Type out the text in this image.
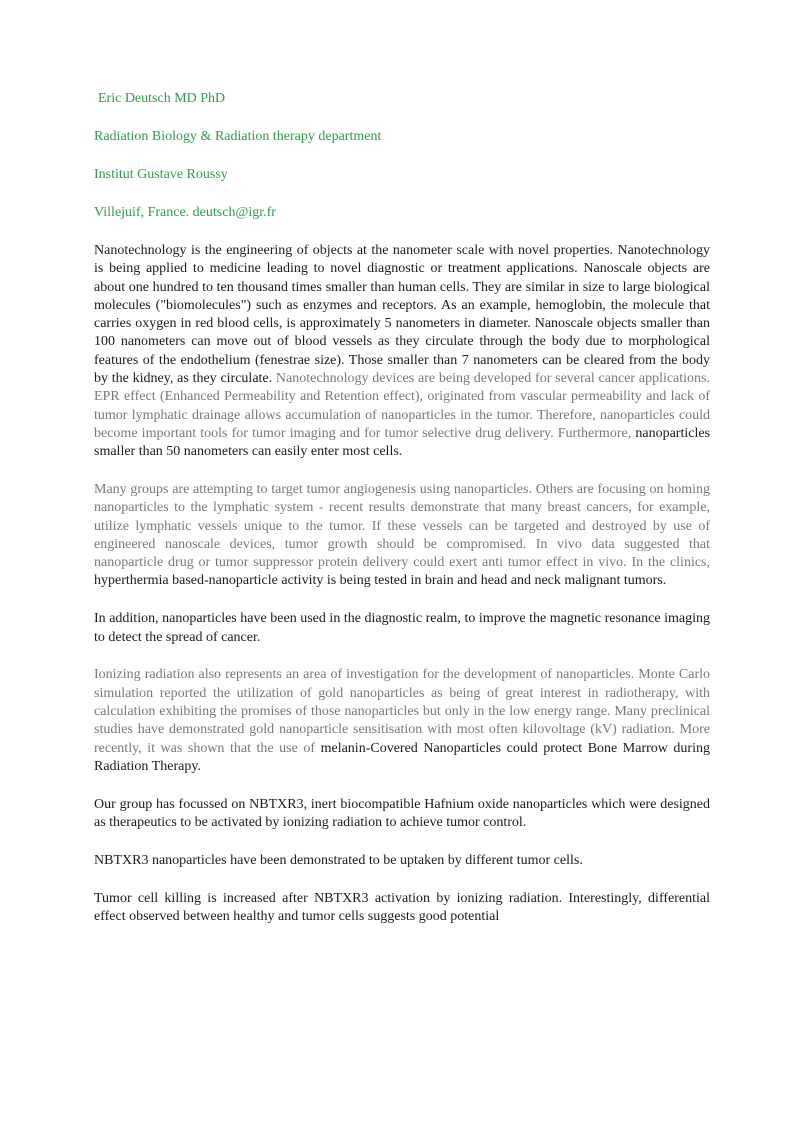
Eric Deutsch MD PhD

Radiation Biology & Radiation therapy department

Institut Gustave Roussy

Villejuif, France. deutsch@igr.fr

Nanotechnology is the engineering of objects at the nanometer scale with novel properties. Nanotechnology is being applied to medicine leading to novel diagnostic or treatment applications. Nanoscale objects are about one hundred to ten thousand times smaller than human cells. They are similar in size to large biological molecules ("biomolecules") such as enzymes and receptors. As an example, hemoglobin, the molecule that carries oxygen in red blood cells, is approximately 5 nanometers in diameter. Nanoscale objects smaller than 100 nanometers can move out of blood vessels as they circulate through the body due to morphological features of the endothelium (fenestrae size). Those smaller than 7 nanometers can be cleared from the body by the kidney, as they circulate. Nanotechnology devices are being developed for several cancer applications. EPR effect (Enhanced Permeability and Retention effect), originated from vascular permeability and lack of tumor lymphatic drainage allows accumulation of nanoparticles in the tumor. Therefore, nanoparticles could become important tools for tumor imaging and for tumor selective drug delivery. Furthermore, nanoparticles smaller than 50 nanometers can easily enter most cells.

Many groups are attempting to target tumor angiogenesis using nanoparticles. Others are focusing on homing nanoparticles to the lymphatic system - recent results demonstrate that many breast cancers, for example, utilize lymphatic vessels unique to the tumor. If these vessels can be targeted and destroyed by use of engineered nanoscale devices, tumor growth should be compromised. In vivo data suggested that nanoparticle drug or tumor suppressor protein delivery could exert anti tumor effect in vivo. In the clinics, hyperthermia based-nanoparticle activity is being tested in brain and head and neck malignant tumors.

In addition, nanoparticles have been used in the diagnostic realm, to improve the magnetic resonance imaging to detect the spread of cancer.

Ionizing radiation also represents an area of investigation for the development of nanoparticles. Monte Carlo simulation reported the utilization of gold nanoparticles as being of great interest in radiotherapy, with calculation exhibiting the promises of those nanoparticles but only in the low energy range. Many preclinical studies have demonstrated gold nanoparticle sensitisation with most often kilovoltage (kV) radiation. More recently, it was shown that the use of melanin-Covered Nanoparticles could protect Bone Marrow during Radiation Therapy.

Our group has focussed on NBTXR3, inert biocompatible Hafnium oxide nanoparticles which were designed as therapeutics to be activated by ionizing radiation to achieve tumor control.

NBTXR3 nanoparticles have been demonstrated to be uptaken by different tumor cells.

Tumor cell killing is increased after NBTXR3 activation by ionizing radiation. Interestingly, differential effect observed between healthy and tumor cells suggests good potential
